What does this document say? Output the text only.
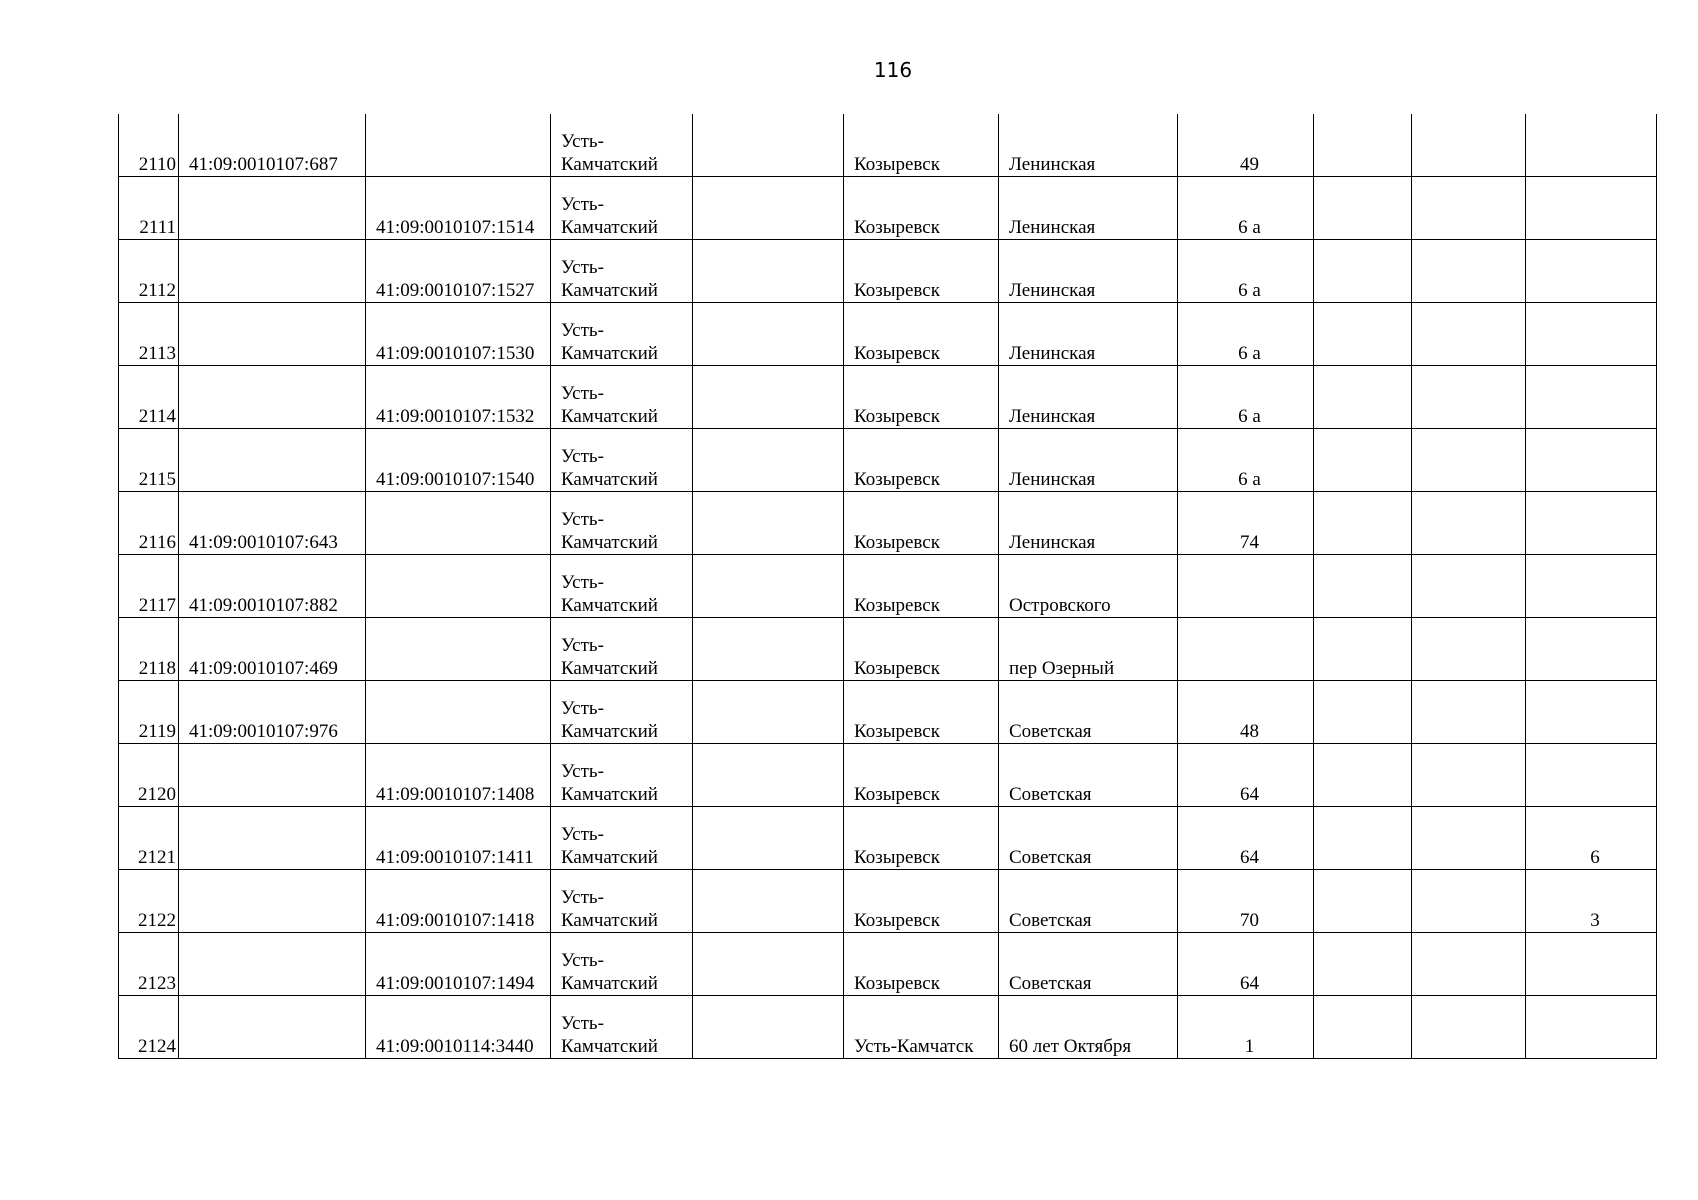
116
2110	41:09:0010107:687		Усть-
Камчатский		Козыревск	Ленинская	49			
2111		41:09:0010107:1514	Усть-
Камчатский		Козыревск	Ленинская	6 а			
2112		41:09:0010107:1527	Усть-
Камчатский		Козыревск	Ленинская	6 а			
2113		41:09:0010107:1530	Усть-
Камчатский		Козыревск	Ленинская	6 а			
2114		41:09:0010107:1532	Усть-
Камчатский		Козыревск	Ленинская	6 а			
2115		41:09:0010107:1540	Усть-
Камчатский		Козыревск	Ленинская	6 а			
2116	41:09:0010107:643		Усть-
Камчатский		Козыревск	Ленинская	74			
2117	41:09:0010107:882		Усть-
Камчатский		Козыревск	Островского				
2118	41:09:0010107:469		Усть-
Камчатский		Козыревск	пер Озерный				
2119	41:09:0010107:976		Усть-
Камчатский		Козыревск	Советская	48			
2120		41:09:0010107:1408	Усть-
Камчатский		Козыревск	Советская	64			
2121		41:09:0010107:1411	Усть-
Камчатский		Козыревск	Советская	64			6
2122		41:09:0010107:1418	Усть-
Камчатский		Козыревск	Советская	70			3
2123		41:09:0010107:1494	Усть-
Камчатский		Козыревск	Советская	64			
2124		41:09:0010114:3440	Усть-
Камчатский		Усть-Камчатск	60 лет Октября	1			
